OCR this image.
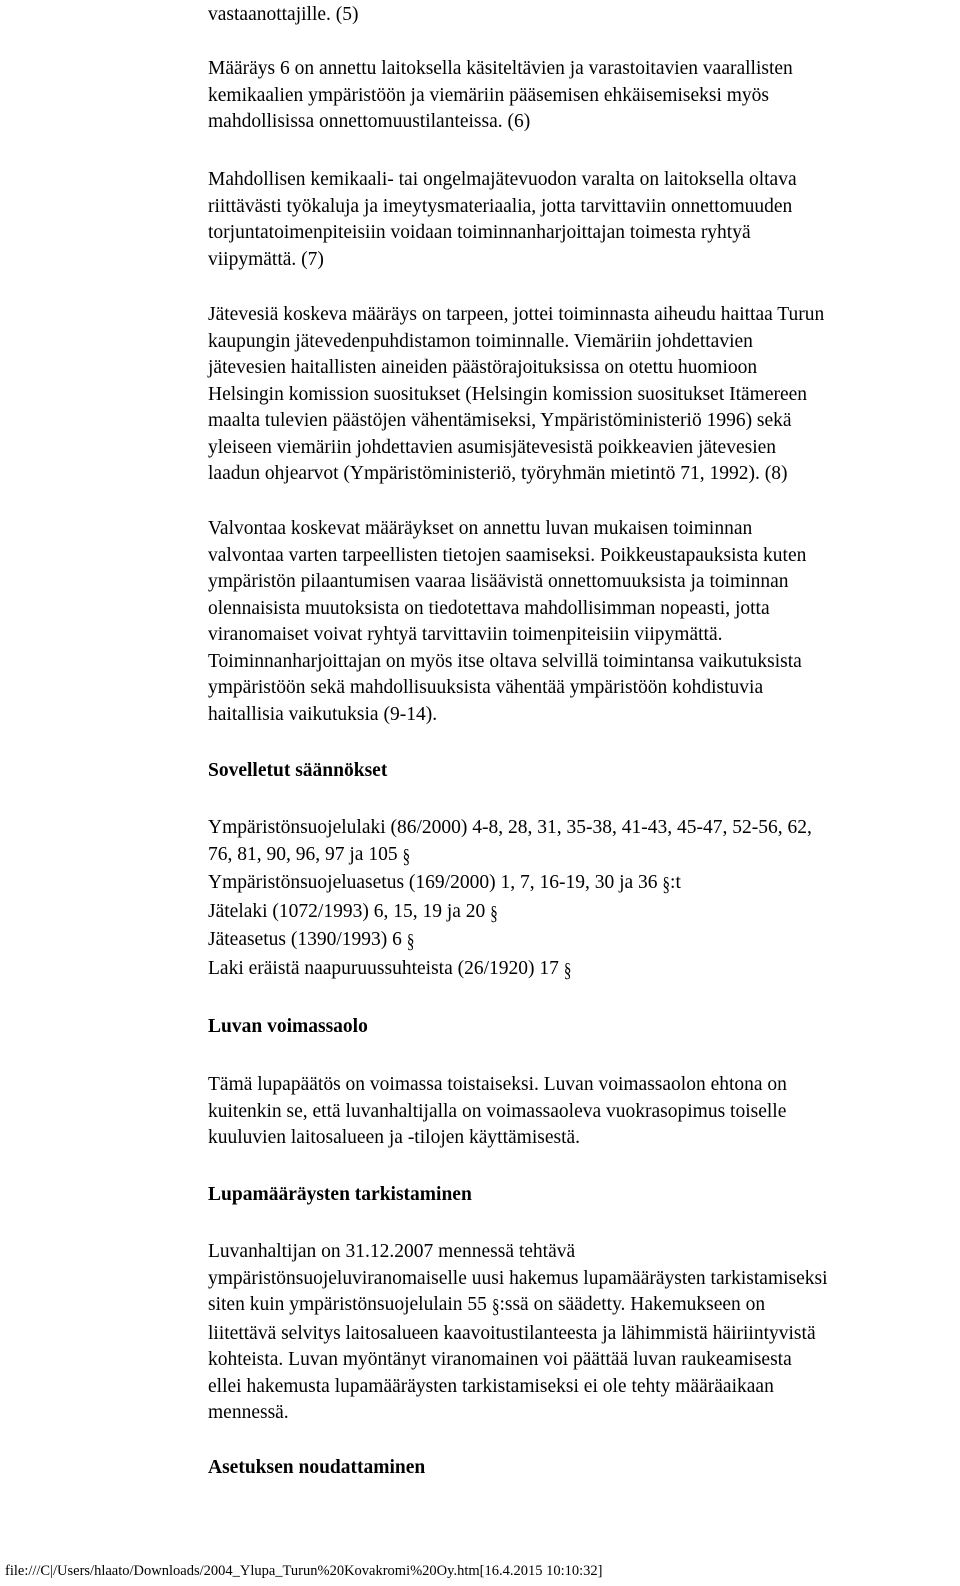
vastaanottajille. (5)

Määräys 6 on annettu laitoksella käsiteltävien ja varastoitavien vaarallisten
kemikaalien ympäristöön ja viemäriin pääsemisen ehkäisemiseksi myös
mahdollisissa onnettomuustilanteissa. (6)

Mahdollisen kemikaali- tai ongelmajätevuodon varalta on laitoksella oltava
riittävästi työkaluja ja imeytysmateriaalia, jotta tarvittaviin onnettomuuden
torjuntatoimenpiteisiin voidaan toiminnanharjoittajan toimesta ryhtyä
viipymättä. (7)

Jätevesiä koskeva määräys on tarpeen, jottei toiminnasta aiheudu haittaa Turun
kaupungin jätevedenpuhdistamon toiminnalle. Viemäriin johdettavien
jätevesien haitallisten aineiden päästörajoituksissa on otettu huomioon
Helsingin komission suositukset (Helsingin komission suositukset Itämereen
maalta tulevien päästöjen vähentämiseksi, Ympäristöministeriö 1996) sekä
yleiseen viemäriin johdettavien asumisjätevesistä poikkeavien jätevesien
laadun ohjearvot (Ympäristöministeriö, työryhmän mietintö 71, 1992). (8)

Valvontaa koskevat määräykset on annettu luvan mukaisen toiminnan
valvontaa varten tarpeellisten tietojen saamiseksi. Poikkeustapauksista kuten
ympäristön pilaantumisen vaaraa lisäävistä onnettomuuksista ja toiminnan
olennaisista muutoksista on tiedotettava mahdollisimman nopeasti, jotta
viranomaiset voivat ryhtyä tarvittaviin toimenpiteisiin viipymättä.
Toiminnanharjoittajan on myös itse oltava selvillä toimintansa vaikutuksista
ympäristöön sekä mahdollisuuksista vähentää ympäristöön kohdistuvia
haitallisia vaikutuksia (9-14).

Sovelletut säännökset
Ympäristönsuojelulaki (86/2000) 4-8, 28, 31, 35-38, 41-43, 45-47, 52-56, 62,
76, 81, 90, 96, 97 ja 105 §
Ympäristönsuojeluasetus (169/2000) 1, 7, 16-19, 30 ja 36 §:t
Jätelaki (1072/1993) 6, 15, 19 ja 20 §
Jäteasetus (1390/1993) 6 §
Laki eräistä naapuruussuhteista (26/1920) 17 §
Luvan voimassaolo

Tämä lupapäätös on voimassa toistaiseksi. Luvan voimassaolon ehtona on
kuitenkin se, että luvanhaltijalla on voimassaoleva vuokrasopimus toiselle
kuuluvien laitosalueen ja -tilojen käyttämisestä.

Lupamääräysten tarkistaminen

Luvanhaltijan on 31.12.2007 mennessä tehtävä
ympäristönsuojeluviranomaiselle uusi hakemus lupamääräysten tarkistamiseksi
siten kuin ympäristönsuojelulain 55 §:ssä on säädetty. Hakemukseen on
liitettävä selvitys laitosalueen kaavoitustilanteesta ja lähimmistä häiriintyvistä
kohteista. Luvan myöntänyt viranomainen voi päättää luvan raukeamisesta
ellei hakemusta lupamääräysten tarkistamiseksi ei ole tehty määräaikaan
mennessä.

Asetuksen noudattaminen

file:///C|/Users/hlaato/Downloads/2004_Ylupa_Turun%20Kovakromi%20Oy.htm[16.4.2015 10:10:32]
